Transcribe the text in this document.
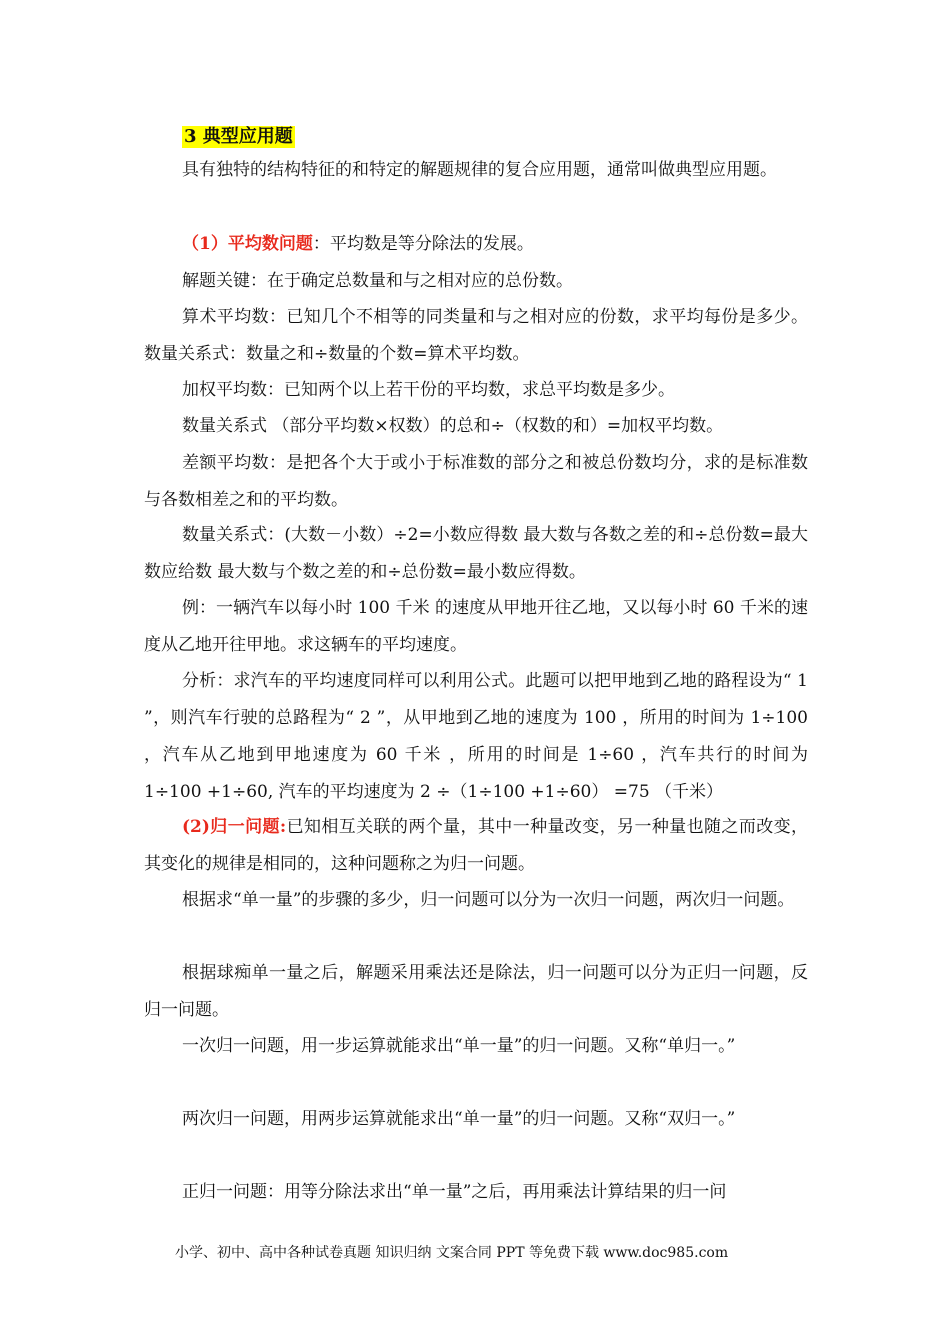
3 典型应用题

具有独特的结构特征的和特定的解题规律的复合应用题，通常叫做典型应用题。

（1）平均数问题：平均数是等分除法的发展。

解题关键：在于确定总数量和与之相对应的总份数。

算术平均数：已知几个不相等的同类量和与之相对应的份数，求平均每份是多少。数量关系式：数量之和÷数量的个数=算术平均数。

加权平均数：已知两个以上若干份的平均数，求总平均数是多少。

数量关系式 （部分平均数×权数）的总和÷（权数的和）=加权平均数。

差额平均数：是把各个大于或小于标准数的部分之和被总份数均分，求的是标准数与各数相差之和的平均数。

数量关系式：(大数－小数）÷2=小数应得数 最大数与各数之差的和÷总份数=最大数应给数 最大数与个数之差的和÷总份数=最小数应得数。

例：一辆汽车以每小时 100 千米 的速度从甲地开往乙地，又以每小时 60 千米的速度从乙地开往甲地。求这辆车的平均速度。

分析：求汽车的平均速度同样可以利用公式。此题可以把甲地到乙地的路程设为“ 1 ”，则汽车行驶的总路程为“ 2 ”，从甲地到乙地的速度为 100 ，所用的时间为 1÷100 ，汽车从乙地到甲地速度为 60 千米 ，所用的时间是 1÷60 ，汽车共行的时间为 1÷100 +1÷60, 汽车的平均速度为 2 ÷（1÷100 +1÷60） =75 （千米）

(2)归一问题:已知相互关联的两个量，其中一种量改变，另一种量也随之而改变，其变化的规律是相同的，这种问题称之为归一问题。

根据求“单一量”的步骤的多少，归一问题可以分为一次归一问题，两次归一问题。

根据球痴单一量之后，解题采用乘法还是除法，归一问题可以分为正归一问题，反归一问题。

一次归一问题，用一步运算就能求出“单一量”的归一问题。又称“单归一。”

两次归一问题，用两步运算就能求出“单一量”的归一问题。又称“双归一。”

正归一问题：用等分除法求出“单一量”之后，再用乘法计算结果的归一问

小学、初中、高中各种试卷真题 知识归纳 文案合同 PPT 等免费下载 www.doc985.com
